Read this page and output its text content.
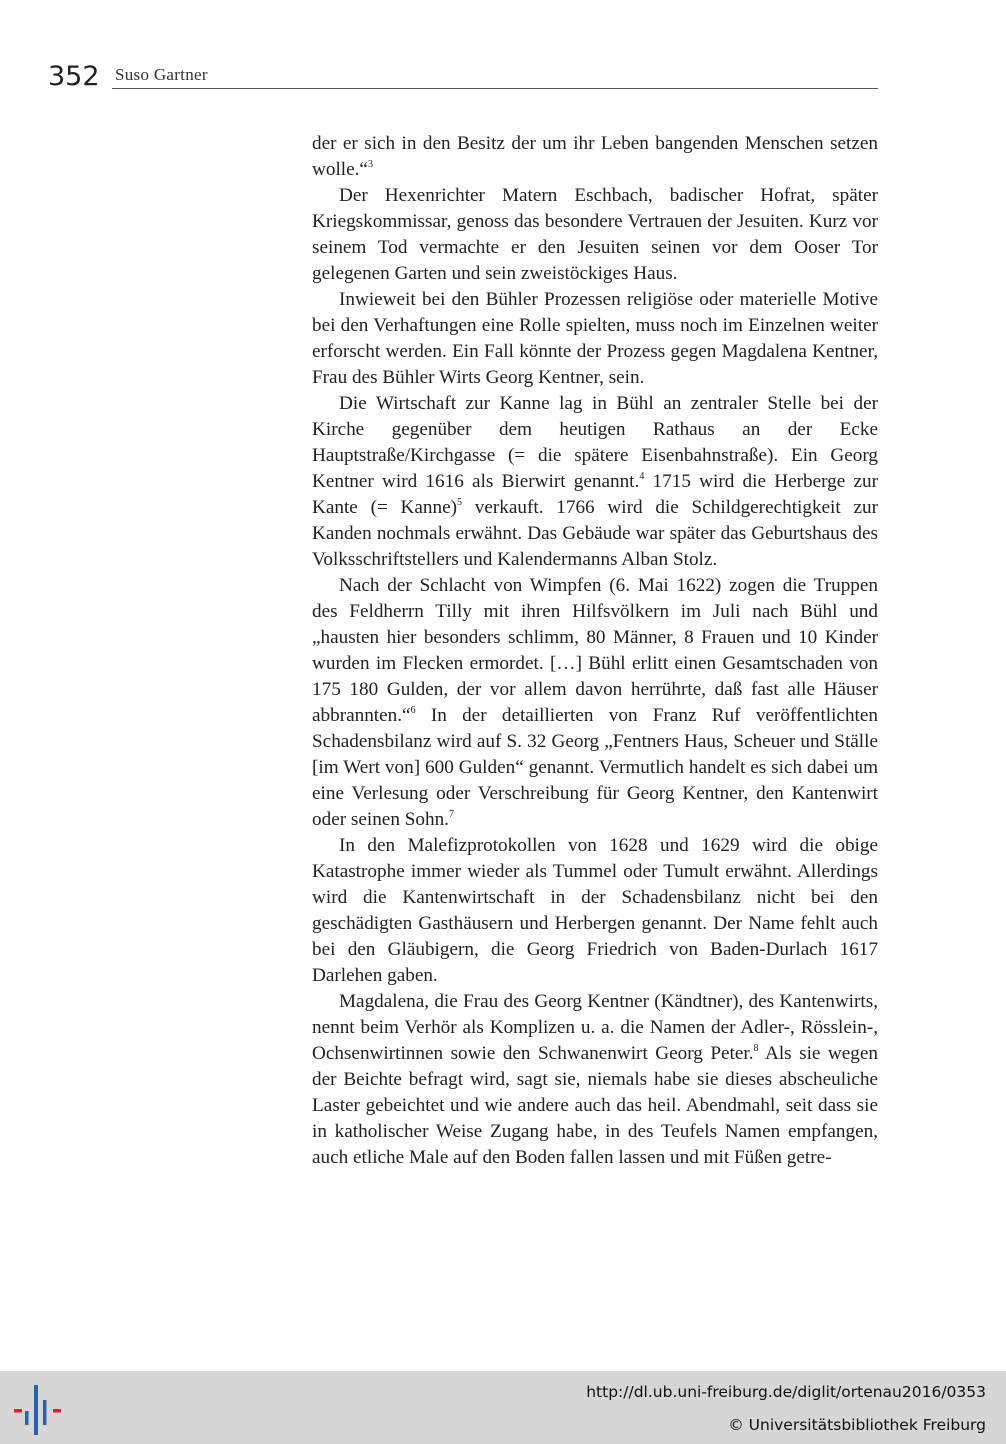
352 Suso Gartner

der er sich in den Besitz der um ihr Leben bangenden Menschen setzen wolle.“$^3$

Der Hexenrichter Matern Eschbach, badischer Hofrat, später Kriegskommissar, genoss das besondere Vertrauen der Jesuiten. Kurz vor seinem Tod vermachte er den Jesuiten seinen vor dem Ooser Tor gelegenen Garten und sein zweistöckiges Haus.

Inwieweit bei den Bühler Prozessen religiöse oder materielle Motive bei den Verhaftungen eine Rolle spielten, muss noch im Einzelnen weiter erforscht werden. Ein Fall könnte der Prozess gegen Magdalena Kentner, Frau des Bühler Wirts Georg Kentner, sein.

Die Wirtschaft zur Kanne lag in Bühl an zentraler Stelle bei der Kirche gegenüber dem heutigen Rathaus an der Ecke Hauptstraße/Kirchgasse (= die spätere Eisenbahnstraße). Ein Georg Kentner wird 1616 als Bierwirt genannt.$^4$ 1715 wird die Herberge zur Kante (= Kanne)$^5$ verkauft. 1766 wird die Schildgerechtigkeit zur Kanden nochmals erwähnt. Das Gebäude war später das Geburtshaus des Volksschriftstellers und Kalendermanns Alban Stolz.

Nach der Schlacht von Wimpfen (6. Mai 1622) zogen die Truppen des Feldherrn Tilly mit ihren Hilfsvölkern im Juli nach Bühl und „hausten hier besonders schlimm, 80 Männer, 8 Frauen und 10 Kinder wurden im Flecken ermordet. […] Bühl erlitt einen Gesamtschaden von 175 180 Gulden, der vor allem davon herrührte, daß fast alle Häuser abbrannten.“$^6$ In der detaillierten von Franz Ruf veröffentlichten Schadensbilanz wird auf S. 32 Georg „Fentners Haus, Scheuer und Ställe [im Wert von] 600 Gulden“ genannt. Vermutlich handelt es sich dabei um eine Verlesung oder Verschreibung für Georg Kentner, den Kantenwirt oder seinen Sohn.$^7$

In den Malefizprotokollen von 1628 und 1629 wird die obige Katastrophe immer wieder als Tummel oder Tumult erwähnt. Allerdings wird die Kantenwirtschaft in der Schadensbilanz nicht bei den geschädigten Gasthäusern und Herbergen genannt. Der Name fehlt auch bei den Gläubigern, die Georg Friedrich von Baden-Durlach 1617 Darlehen gaben.

Magdalena, die Frau des Georg Kentner (Kändtner), des Kantenwirts, nennt beim Verhör als Komplizen u. a. die Namen der Adler-, Rösslein-, Ochsenwirtinnen sowie den Schwanenwirt Georg Peter.$^8$ Als sie wegen der Beichte befragt wird, sagt sie, niemals habe sie dieses abscheuliche Laster gebeichtet und wie andere auch das heil. Abendmahl, seit dass sie in katholischer Weise Zugang habe, in des Teufels Namen empfangen, auch etliche Male auf den Boden fallen lassen und mit Füßen getre-

http://dl.ub.uni-freiburg.de/diglit/ortenau2016/0353
© Universitätsbibliothek Freiburg
